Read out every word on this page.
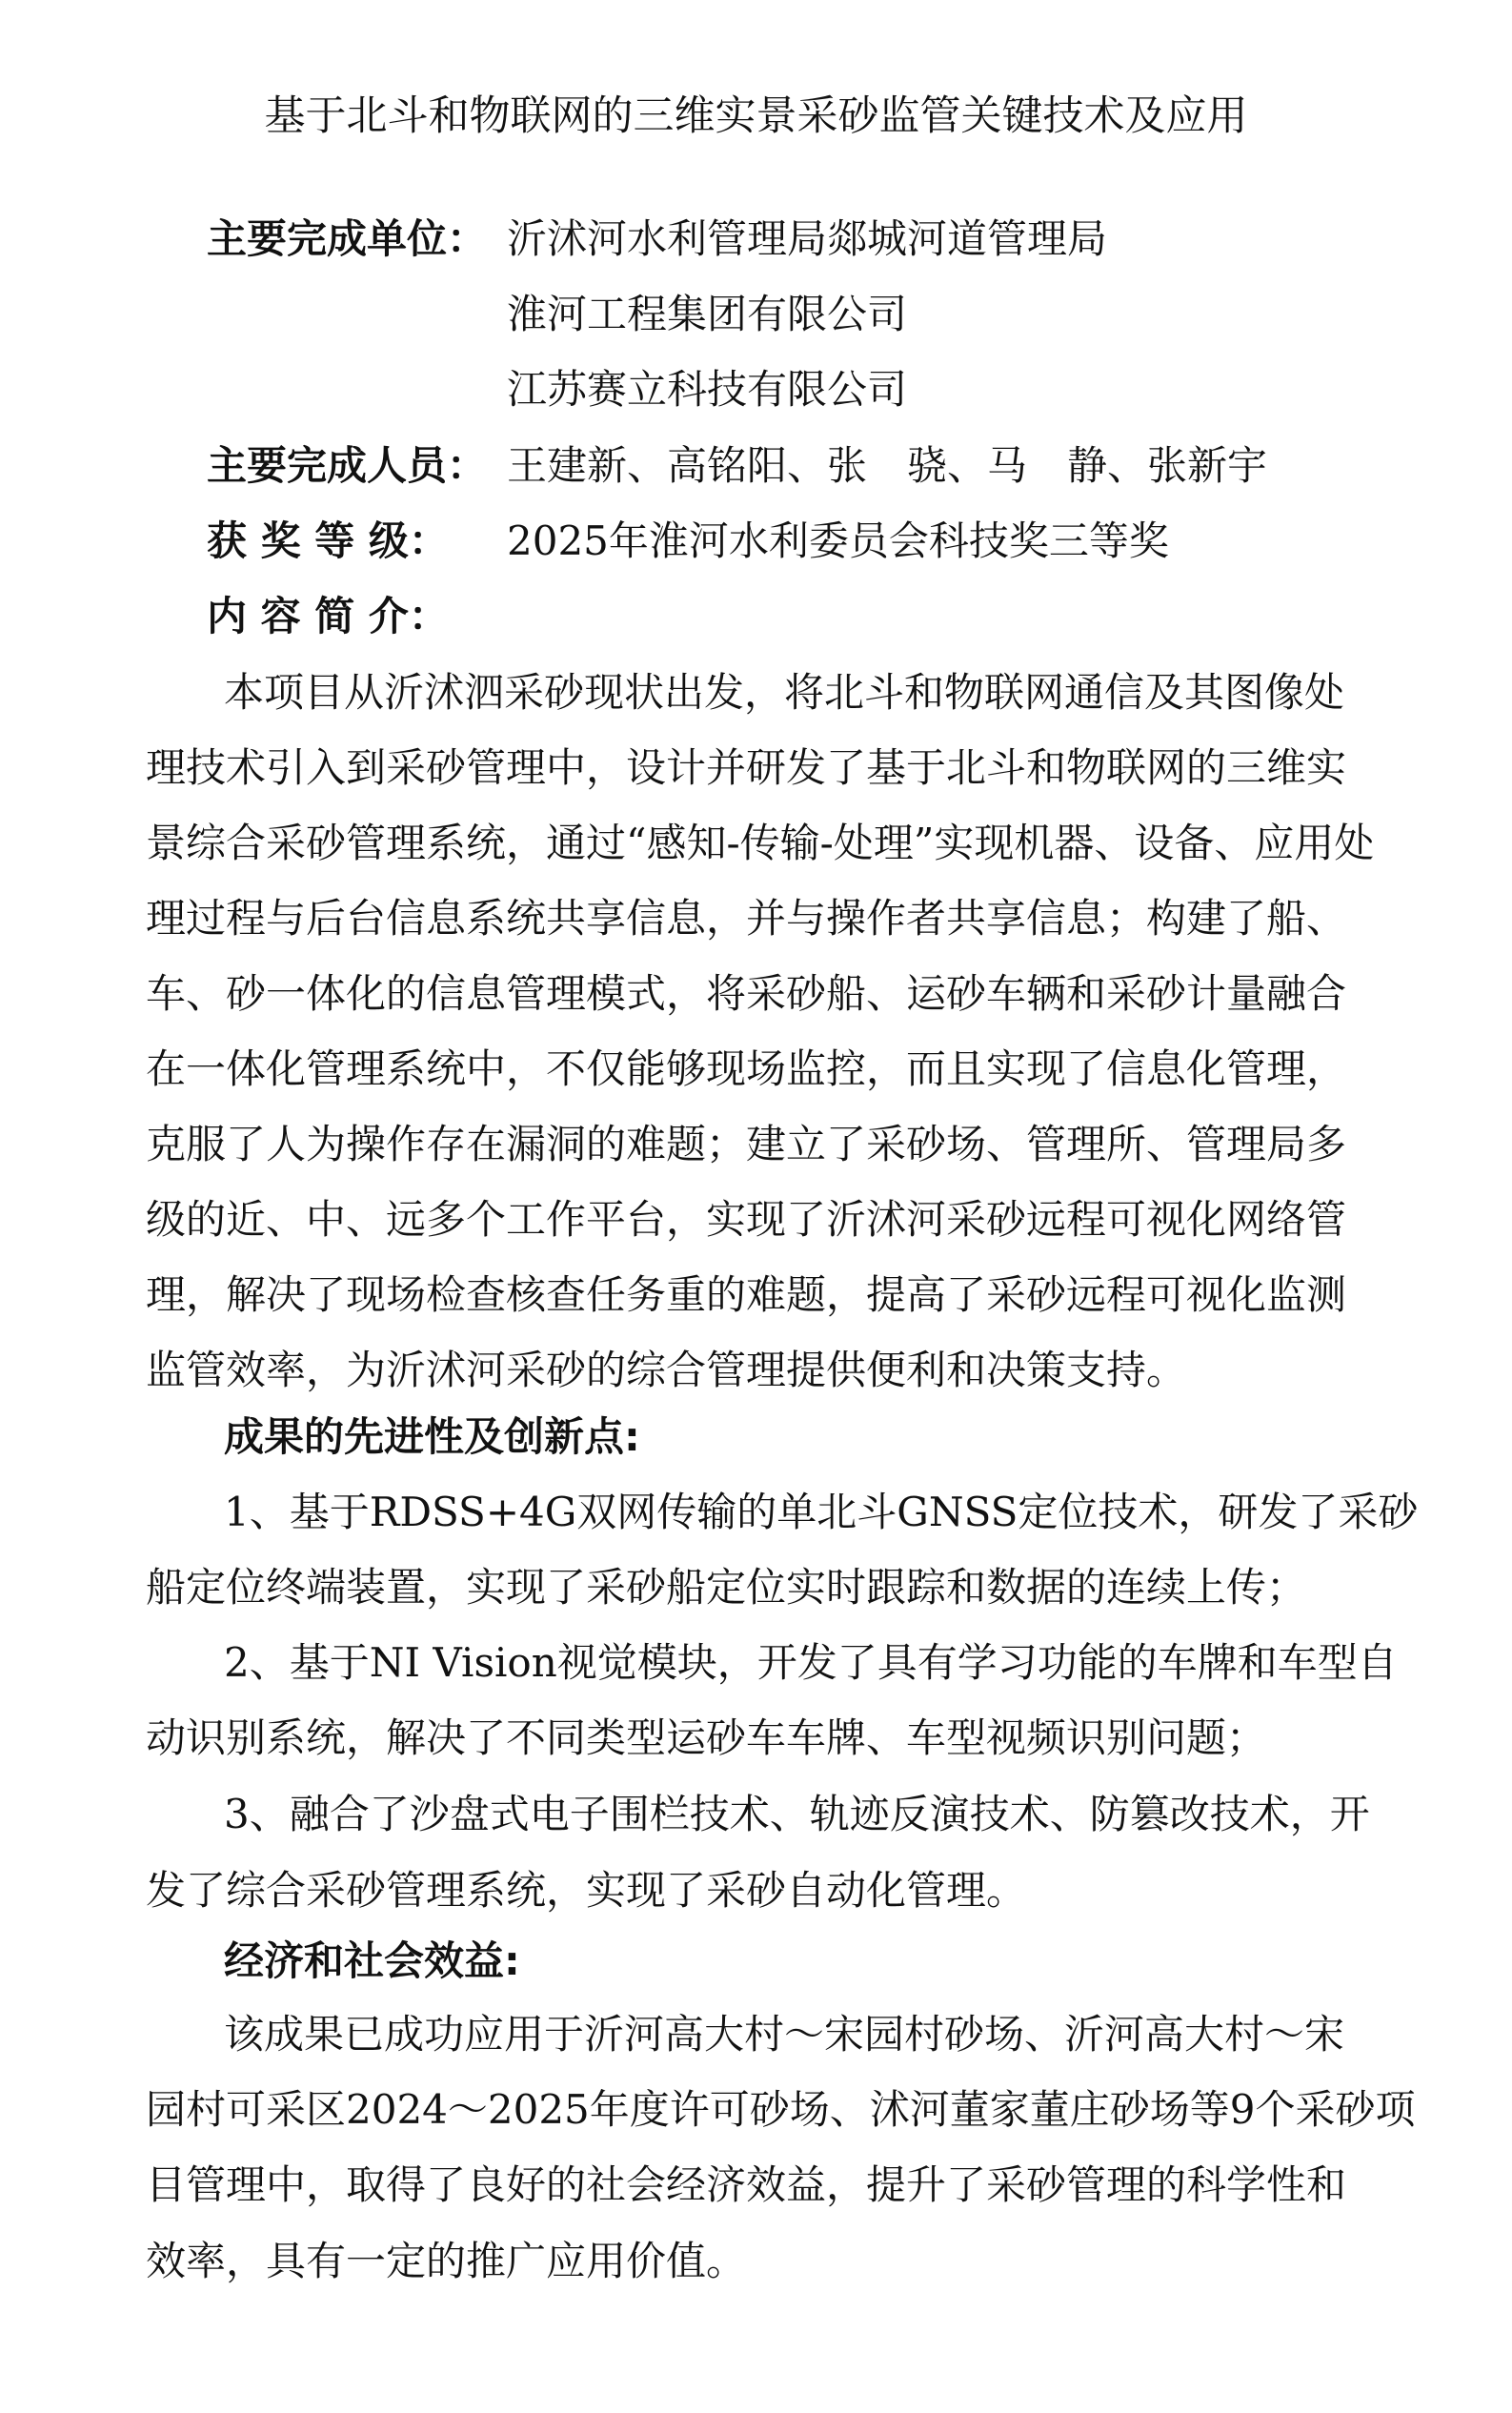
基于北斗和物联网的三维实景采砂监管关键技术及应用
主要完成单位： 沂沭河水利管理局郯城河道管理局
淮河工程集团有限公司
江苏赛立科技有限公司
主要完成人员： 王建新、高铭阳、张　骁、马　静、张新宇
获 奖 等 级： 2025年淮河水利委员会科技奖三等奖
内 容 简 介：
本项目从沂沭泗采砂现状出发，将北斗和物联网通信及其图像处
理技术引入到采砂管理中，设计并研发了基于北斗和物联网的三维实
景综合采砂管理系统，通过“感知-传输-处理”实现机器、设备、应用处
理过程与后台信息系统共享信息，并与操作者共享信息；构建了船、
车、砂一体化的信息管理模式，将采砂船、运砂车辆和采砂计量融合
在一体化管理系统中，不仅能够现场监控，而且实现了信息化管理，
克服了人为操作存在漏洞的难题；建立了采砂场、管理所、管理局多
级的近、中、远多个工作平台，实现了沂沭河采砂远程可视化网络管
理，解决了现场检查核查任务重的难题，提高了采砂远程可视化监测
监管效率，为沂沭河采砂的综合管理提供便利和决策支持。
成果的先进性及创新点:
1、基于RDSS+4G双网传输的单北斗GNSS定位技术，研发了采砂
船定位终端装置，实现了采砂船定位实时跟踪和数据的连续上传；
2、基于NI Vision视觉模块，开发了具有学习功能的车牌和车型自
动识别系统，解决了不同类型运砂车车牌、车型视频识别问题；
3、融合了沙盘式电子围栏技术、轨迹反演技术、防篡改技术，开
发了综合采砂管理系统，实现了采砂自动化管理。
经济和社会效益:
该成果已成功应用于沂河高大村～宋园村砂场、沂河高大村～宋
园村可采区2024～2025年度许可砂场、沭河董家董庄砂场等9个采砂项
目管理中，取得了良好的社会经济效益，提升了采砂管理的科学性和
效率，具有一定的推广应用价值。
